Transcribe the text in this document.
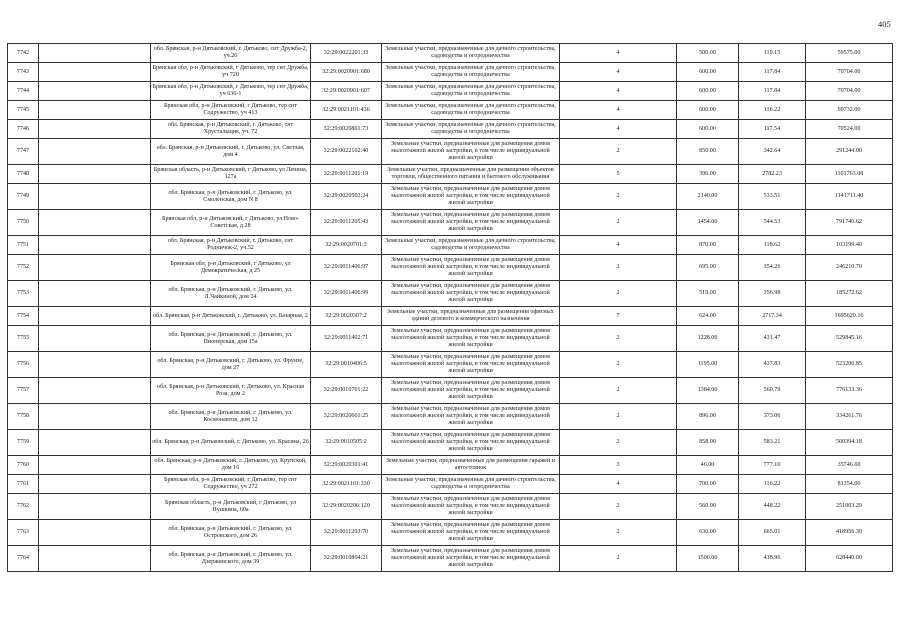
405
7742		обл. Брянская, р-н Дятьковский, г. Дятьково, снт Дружба-2, уч.26	32:29:0022201:33	Земельные участки, предназначенные для дачного строительства, садоводства и огородничества	4	500.00	119.15	59575.00
7743		Брянская обл, р-н Дятьковский, г Дятьково, тер снт Дружба, уч 720	32:29:0020901:680	Земельные участки, предназначенные для дачного строительства, садоводства и огородничества	4	600.00	117.84	70704.00
7744		Брянская обл, р-н Дятьковский, г Дятьково, тер снт Дружба, уч 636-1	32:29:0020901:607	Земельные участки, предназначенные для дачного строительства, садоводства и огородничества	4	600.00	117.84	70704.00
7745		Брянская обл, р-н Дятьковский, г Дятьково, тер снт Содружество, уч 413	32:29:0021101:436	Земельные участки, предназначенные для дачного строительства, садоводства и огородничества	4	600.00	116.22	69732.00
7746		обл. Брянская, р-н Дятьковский, г. Дятьково, снт Хрустальщик, уч. 72	32:29:0020801:73	Земельные участки, предназначенные для дачного строительства, садоводства и огородничества	4	600.00	117.54	70524.00
7747		обл. Брянская, р-н Дятьковский, г. Дятьково, ул. Светлая, дом 4	32:29:0022102:40	Земельные участки, предназначенные для размещения домов малоэтажной жилой застройки, в том числе индивидуальной жилой застройки	2	850.00	342.64	291244.00
7748		Брянская область, р-н Дятьковский, г Дятьково, ул Ленина, 127а	32:29:0011201:19	Земельные участки, предназначенные для размещения объектов торговли, общественного питания и бытового обслуживания	5	396.00	2782.23	1101763.08
7749		обл. Брянская, р-н Дятьковский, г. Дятьково, ул. Смоленская, дом N 8	32:29:0020503:24	Земельные участки, предназначенные для размещения домов малоэтажной жилой застройки, в том числе индивидуальной жилой застройки	2	2140.00	533.51	1141711.40
7750		Брянская обл, р-н Дятьковский, г Дятьково, ул Ново-Советская, д 28	32:29:0011205:43	Земельные участки, предназначенные для размещения домов малоэтажной жилой застройки, в том числе индивидуальной жилой застройки	2	1454.00	544.53	791746.62
7751		обл. Брянская, р-н Дятьковский, г. Дятьково, снт Родничок-2, уч.52	32:29:0020701:3	Земельные участки, предназначенные для дачного строительства, садоводства и огородничества	4	870.00	118.62	103199.40
7752		Брянская обл, р-н Дятьковский, г Дятьково, ул Демократическая, д 25	32:29:0011406:97	Земельные участки, предназначенные для размещения домов малоэтажной жилой застройки, в том числе индивидуальной жилой застройки	2	695.00	354.26	246210.70
7753		обл. Брянская, р-н Дятьковский, г. Дятьково, ул. Л.Чайкиной, дом 24	32:29:0011406:99	Земельные участки, предназначенные для размещения домов малоэтажной жилой застройки, в том числе индивидуальной жилой застройки	2	519.00	356.98	185272.62
7754		обл. Брянская, р-н Дятьковский, г. Дятьково, ул. Базарная, 2	32:29:0020307:2	Земельные участки, предназначенные для размещения офисных зданий делового и коммерческого назначения	7	624.00	2717.34	1695620.16
7755		обл. Брянская, р-н Дятьковский, г. Дятьково, ул. Пионерская, дом 15а	32:29:0011402:71	Земельные участки, предназначенные для размещения домов малоэтажной жилой застройки, в том числе индивидуальной жилой застройки	2	1228.00	431.47	529845.16
7756		обл. Брянская, р-н Дятьковский, г. Дятьково, ул. Фрунзе, дом 27	32:29:0010406:5	Земельные участки, предназначенные для размещения домов малоэтажной жилой застройки, в том числе индивидуальной жилой застройки	2	1195.00	437.83	523206.85
7757		обл. Брянская, р-н Дятьковский, г. Дятьково, ул. Красная Роза, дом 2	32:29:0010701:22	Земельные участки, предназначенные для размещения домов малоэтажной жилой застройки, в том числе индивидуальной жилой застройки	2	1384.00	560.79	776133.36
7758		обл. Брянская, р-н Дятьковский, г. Дятьково, ул. Космонавтов, дом 12	32:29:0020601:25	Земельные участки, предназначенные для размещения домов малоэтажной жилой застройки, в том числе индивидуальной жилой застройки	2	896.00	373.06	334261.76
7759		обл. Брянская, р-н Дятьковский, г. Дятьково, ул. Красина, 26	32:29:0010505:2	Земельные участки, предназначенные для размещения домов малоэтажной жилой застройки, в том числе индивидуальной жилой застройки	2	858.00	583.21	500394.18
7760		обл. Брянская, р-н Дятьковский, г. Дятьково, ул. Крупской, дом 16	32:29:0020301:41	Земельные участки, предназначенные для размещения гаражей и автостоянок	3	46.00	777.10	35746.60
7761		Брянская обл, р-н Дятьковский, г Дятьково, тер снт Содружество, уч 272	32:29:0021101:330	Земельные участки, предназначенные для дачного строительства, садоводства и огородничества	4	700.00	116.22	81354.00
7762		Брянская область, р-н Дятьковский, г Дятьково, ул Пушкина, 60а	32:29:0020206:120	Земельные участки, предназначенные для размещения домов малоэтажной жилой застройки, в том числе индивидуальной жилой застройки	2	560.00	448.22	251003.20
7763		обл. Брянская, р-н Дятьковский, г. Дятьково, ул. Островского, дом 26	32:29:0011203:70	Земельные участки, предназначенные для размещения домов малоэтажной жилой застройки, в том числе индивидуальной жилой застройки	2	630.00	665.01	418956.30
7764		обл. Брянская, р-н Дятьковский, г. Дятьково, ул. Дзержинского, дом 39	32:29:0010804:21	Земельные участки, предназначенные для размещения домов малоэтажной жилой застройки, в том числе индивидуальной жилой застройки	2	1500.00	418.96	628440.00
